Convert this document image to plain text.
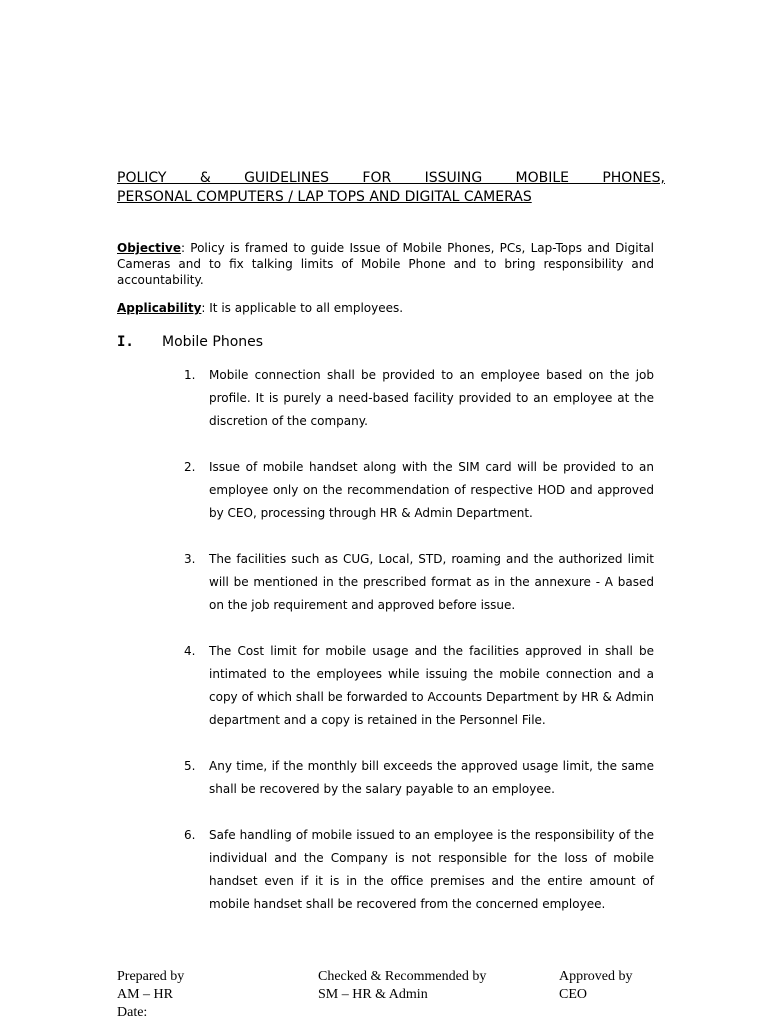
POLICY & GUIDELINES FOR ISSUING MOBILE PHONES,
PERSONAL COMPUTERS / LAP TOPS AND DIGITAL CAMERAS
Objective: Policy is framed to guide Issue of Mobile Phones, PCs, Lap-Tops and Digital Cameras and to fix talking limits of Mobile Phone and to bring responsibility and accountability.
Applicability: It is applicable to all employees.
I. Mobile Phones
1. Mobile connection shall be provided to an employee based on the job profile. It is purely a need-based facility provided to an employee at the discretion of the company.
2. Issue of mobile handset along with the SIM card will be provided to an employee only on the recommendation of respective HOD and approved by CEO, processing through HR & Admin Department.
3. The facilities such as CUG, Local, STD, roaming and the authorized limit will be mentioned in the prescribed format as in the annexure - A based on the job requirement and approved before issue.
4. The Cost limit for mobile usage and the facilities approved in shall be intimated to the employees while issuing the mobile connection and a copy of which shall be forwarded to Accounts Department by HR & Admin department and a copy is retained in the Personnel File.
5. Any time, if the monthly bill exceeds the approved usage limit, the same shall be recovered by the salary payable to an employee.
6. Safe handling of mobile issued to an employee is the responsibility of the individual and the Company is not responsible for the loss of mobile handset even if it is in the office premises and the entire amount of mobile handset shall be recovered from the concerned employee.
Prepared by
AM – HR
Date:
Checked & Recommended by
SM – HR & Admin
Approved by
CEO
